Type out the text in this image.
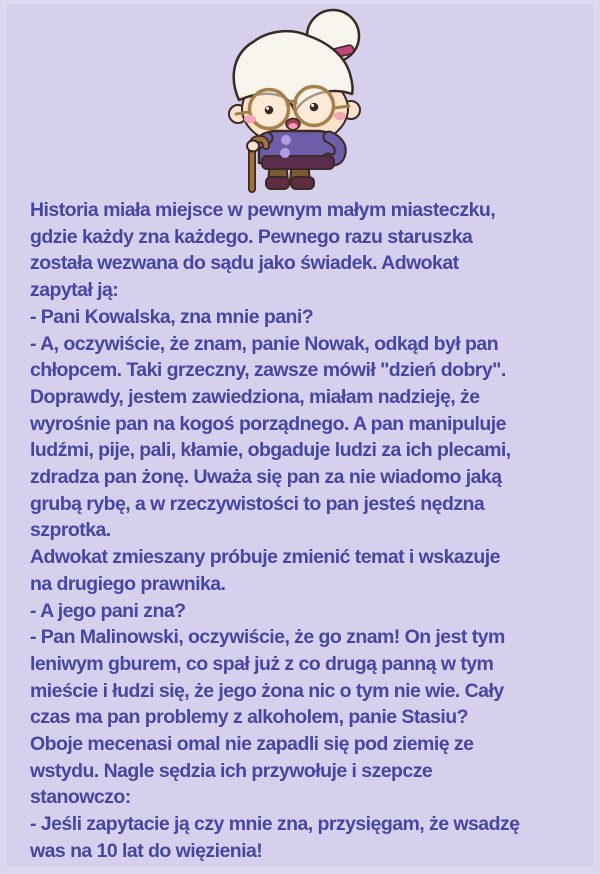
Historia miała miejsce w pewnym małym miasteczku,
gdzie każdy zna każdego. Pewnego razu staruszka
została wezwana do sądu jako świadek. Adwokat
zapytał ją:
- Pani Kowalska, zna mnie pani?
- A, oczywiście, że znam, panie Nowak, odkąd był pan
chłopcem. Taki grzeczny, zawsze mówił "dzień dobry".
Doprawdy, jestem zawiedziona, miałam nadzieję, że
wyrośnie pan na kogoś porządnego. A pan manipuluje
ludźmi, pije, pali, kłamie, obgaduje ludzi za ich plecami,
zdradza pan żonę. Uważa się pan za nie wiadomo jaką
grubą rybę, a w rzeczywistości to pan jesteś nędzna
szprotka.
Adwokat zmieszany próbuje zmienić temat i wskazuje
na drugiego prawnika.
- A jego pani zna?
- Pan Malinowski, oczywiście, że go znam! On jest tym
leniwym gburem, co spał już z co drugą panną w tym
mieście i łudzi się, że jego żona nic o tym nie wie. Cały
czas ma pan problemy z alkoholem, panie Stasiu?
Oboje mecenasi omal nie zapadli się pod ziemię ze
wstydu. Nagle sędzia ich przywołuje i szepcze
stanowczo:
- Jeśli zapytacie ją czy mnie zna, przysięgam, że wsadzę
was na 10 lat do więzienia!
